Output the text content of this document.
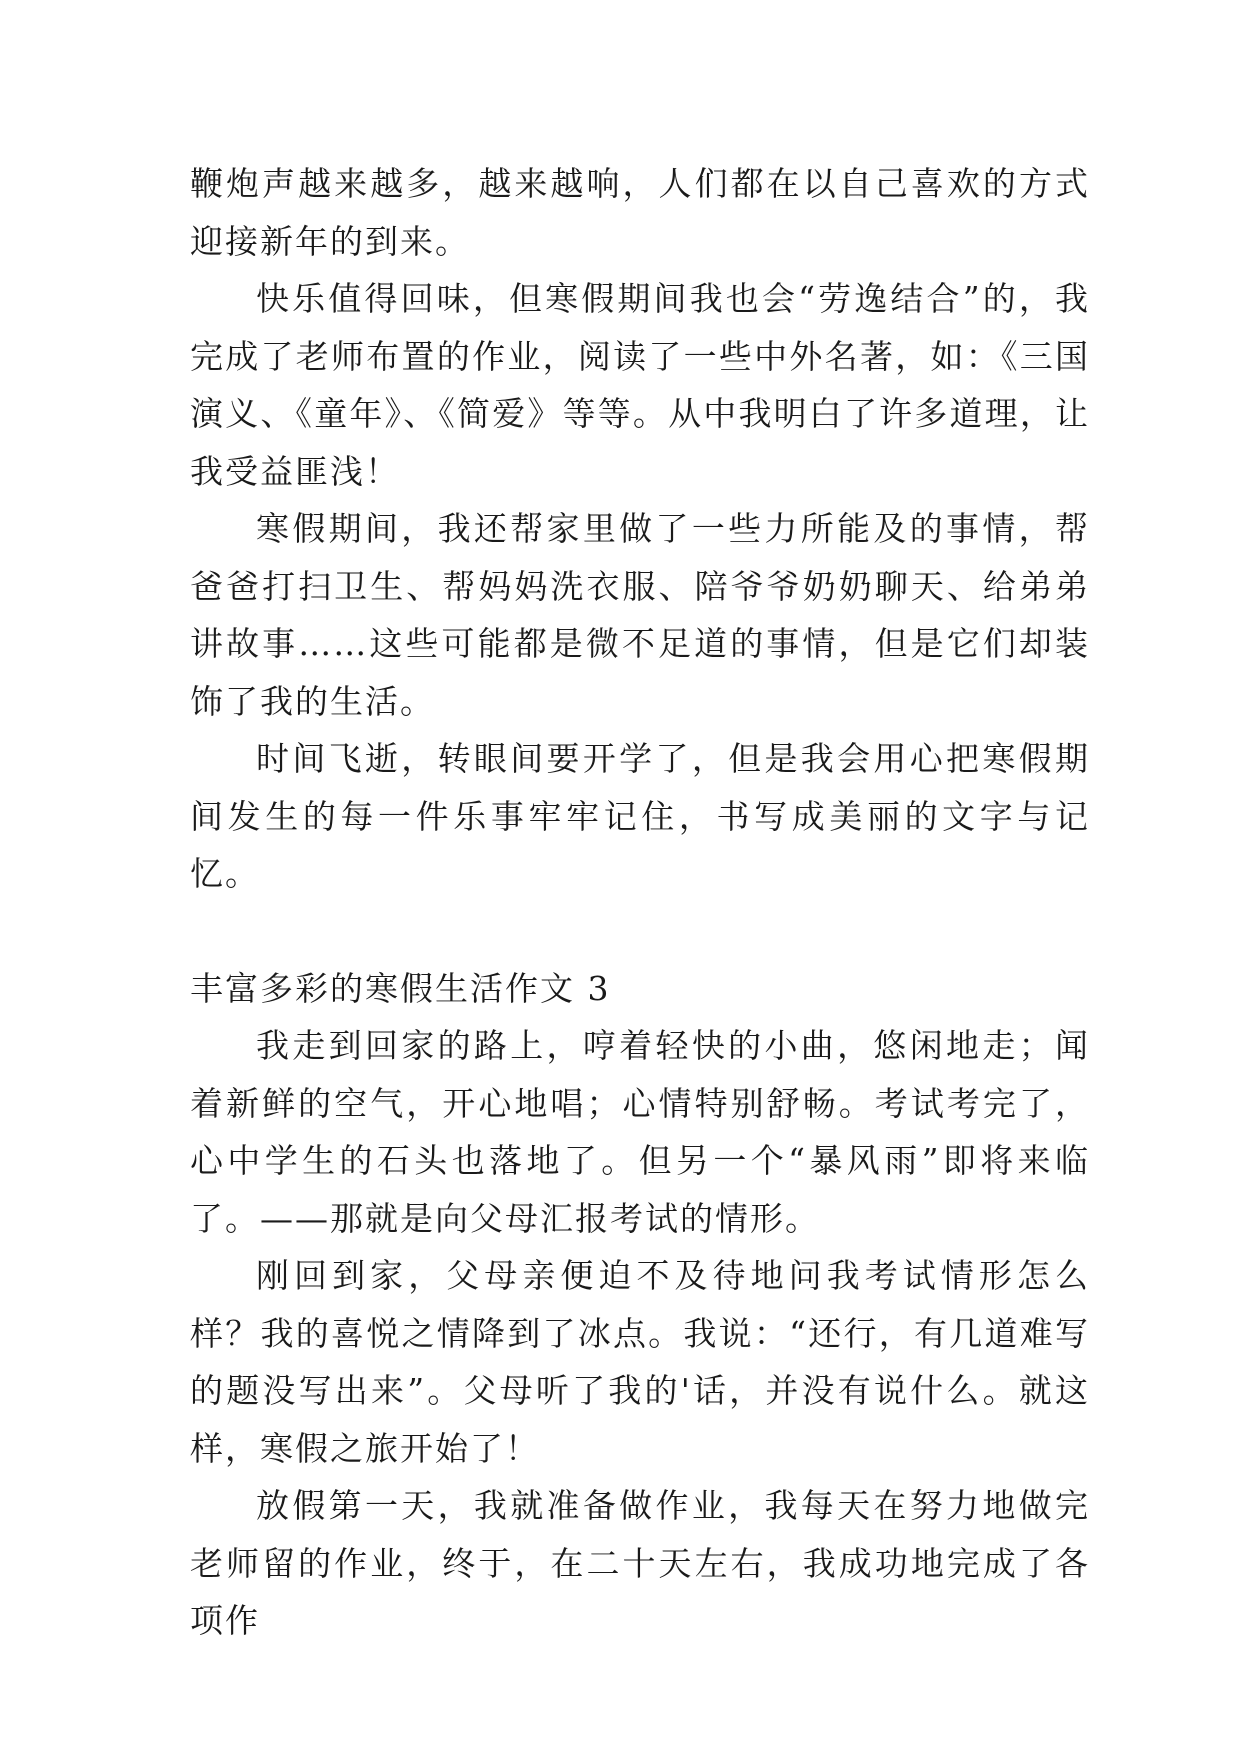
鞭炮声越来越多，越来越响，人们都在以自己喜欢的方式迎接新年的到来。

快乐值得回味，但寒假期间我也会“劳逸结合”的，我完成了老师布置的作业，阅读了一些中外名著，如：《三国演义、《童年》、《简爱》等等。从中我明白了许多道理，让我受益匪浅！

寒假期间，我还帮家里做了一些力所能及的事情，帮爸爸打扫卫生、帮妈妈洗衣服、陪爷爷奶奶聊天、给弟弟讲故事……这些可能都是微不足道的事情，但是它们却装饰了我的生活。

时间飞逝，转眼间要开学了，但是我会用心把寒假期间发生的每一件乐事牢牢记住，书写成美丽的文字与记忆。

丰富多彩的寒假生活作文 3

我走到回家的路上，哼着轻快的小曲，悠闲地走；闻着新鲜的空气，开心地唱；心情特别舒畅。考试考完了，心中学生的石头也落地了。但另一个“暴风雨”即将来临了。——那就是向父母汇报考试的情形。

刚回到家，父母亲便迫不及待地问我考试情形怎么样？我的喜悦之情降到了冰点。我说：“还行，有几道难写的题没写出来”。父母听了我的'话，并没有说什么。就这样，寒假之旅开始了！

放假第一天，我就准备做作业，我每天在努力地做完老师留的作业，终于，在二十天左右，我成功地完成了各项作
